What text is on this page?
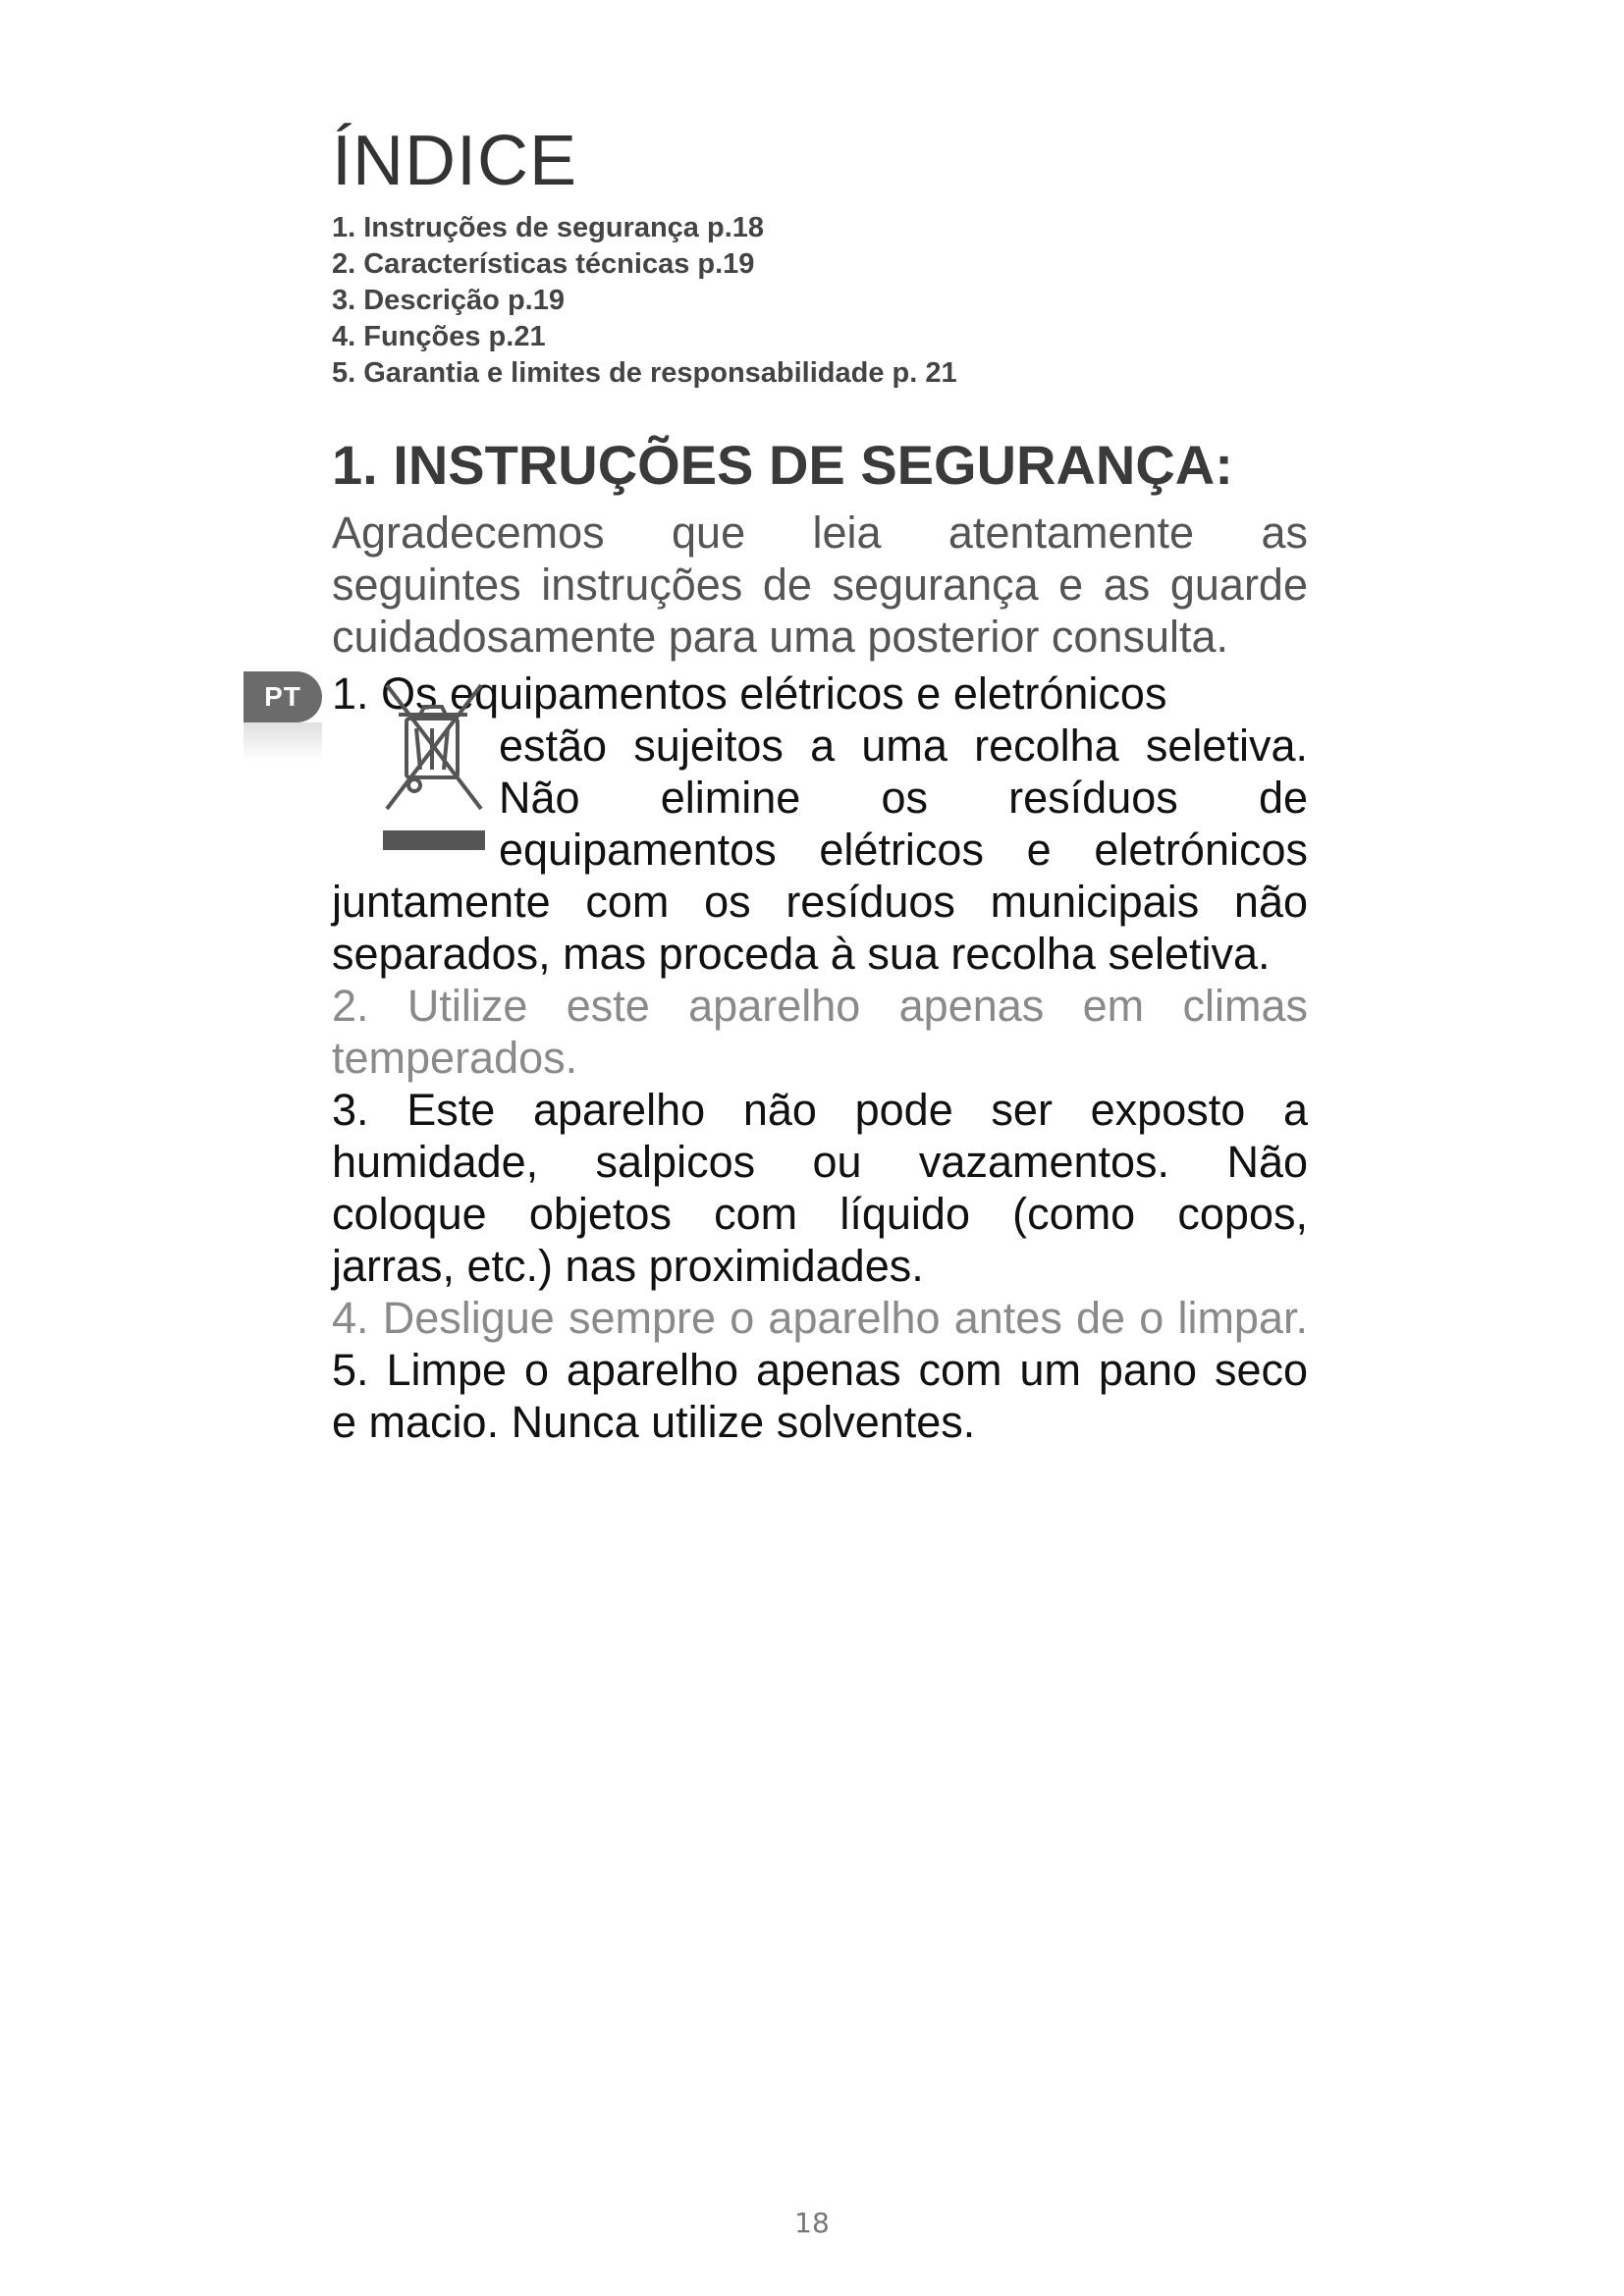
ÍNDICE
1. Instruções de segurança p.18
2. Características técnicas p.19
3. Descrição p.19
4. Funções p.21
5. Garantia e limites de responsabilidade p. 21
1. INSTRUÇÕES DE SEGURANÇA:

Agradecemos que leia atentamente as

seguintes instruções de segurança e as guarde

cuidadosamente para uma posterior consulta.

PT 1. Os equipamentos elétricos e eletrónicos

estão sujeitos a uma recolha seletiva.

Não elimine os resíduos de

equipamentos elétricos e eletrónicos

juntamente com os resíduos municipais não

separados, mas proceda à sua recolha seletiva.

2. Utilize este aparelho apenas em climas

temperados.

3. Este aparelho não pode ser exposto a

humidade, salpicos ou vazamentos. Não

coloque objetos com líquido (como copos,

jarras, etc.) nas proximidades.

4. Desligue sempre o aparelho antes de o limpar.

5. Limpe o aparelho apenas com um pano seco

e macio. Nunca utilize solventes.

18
